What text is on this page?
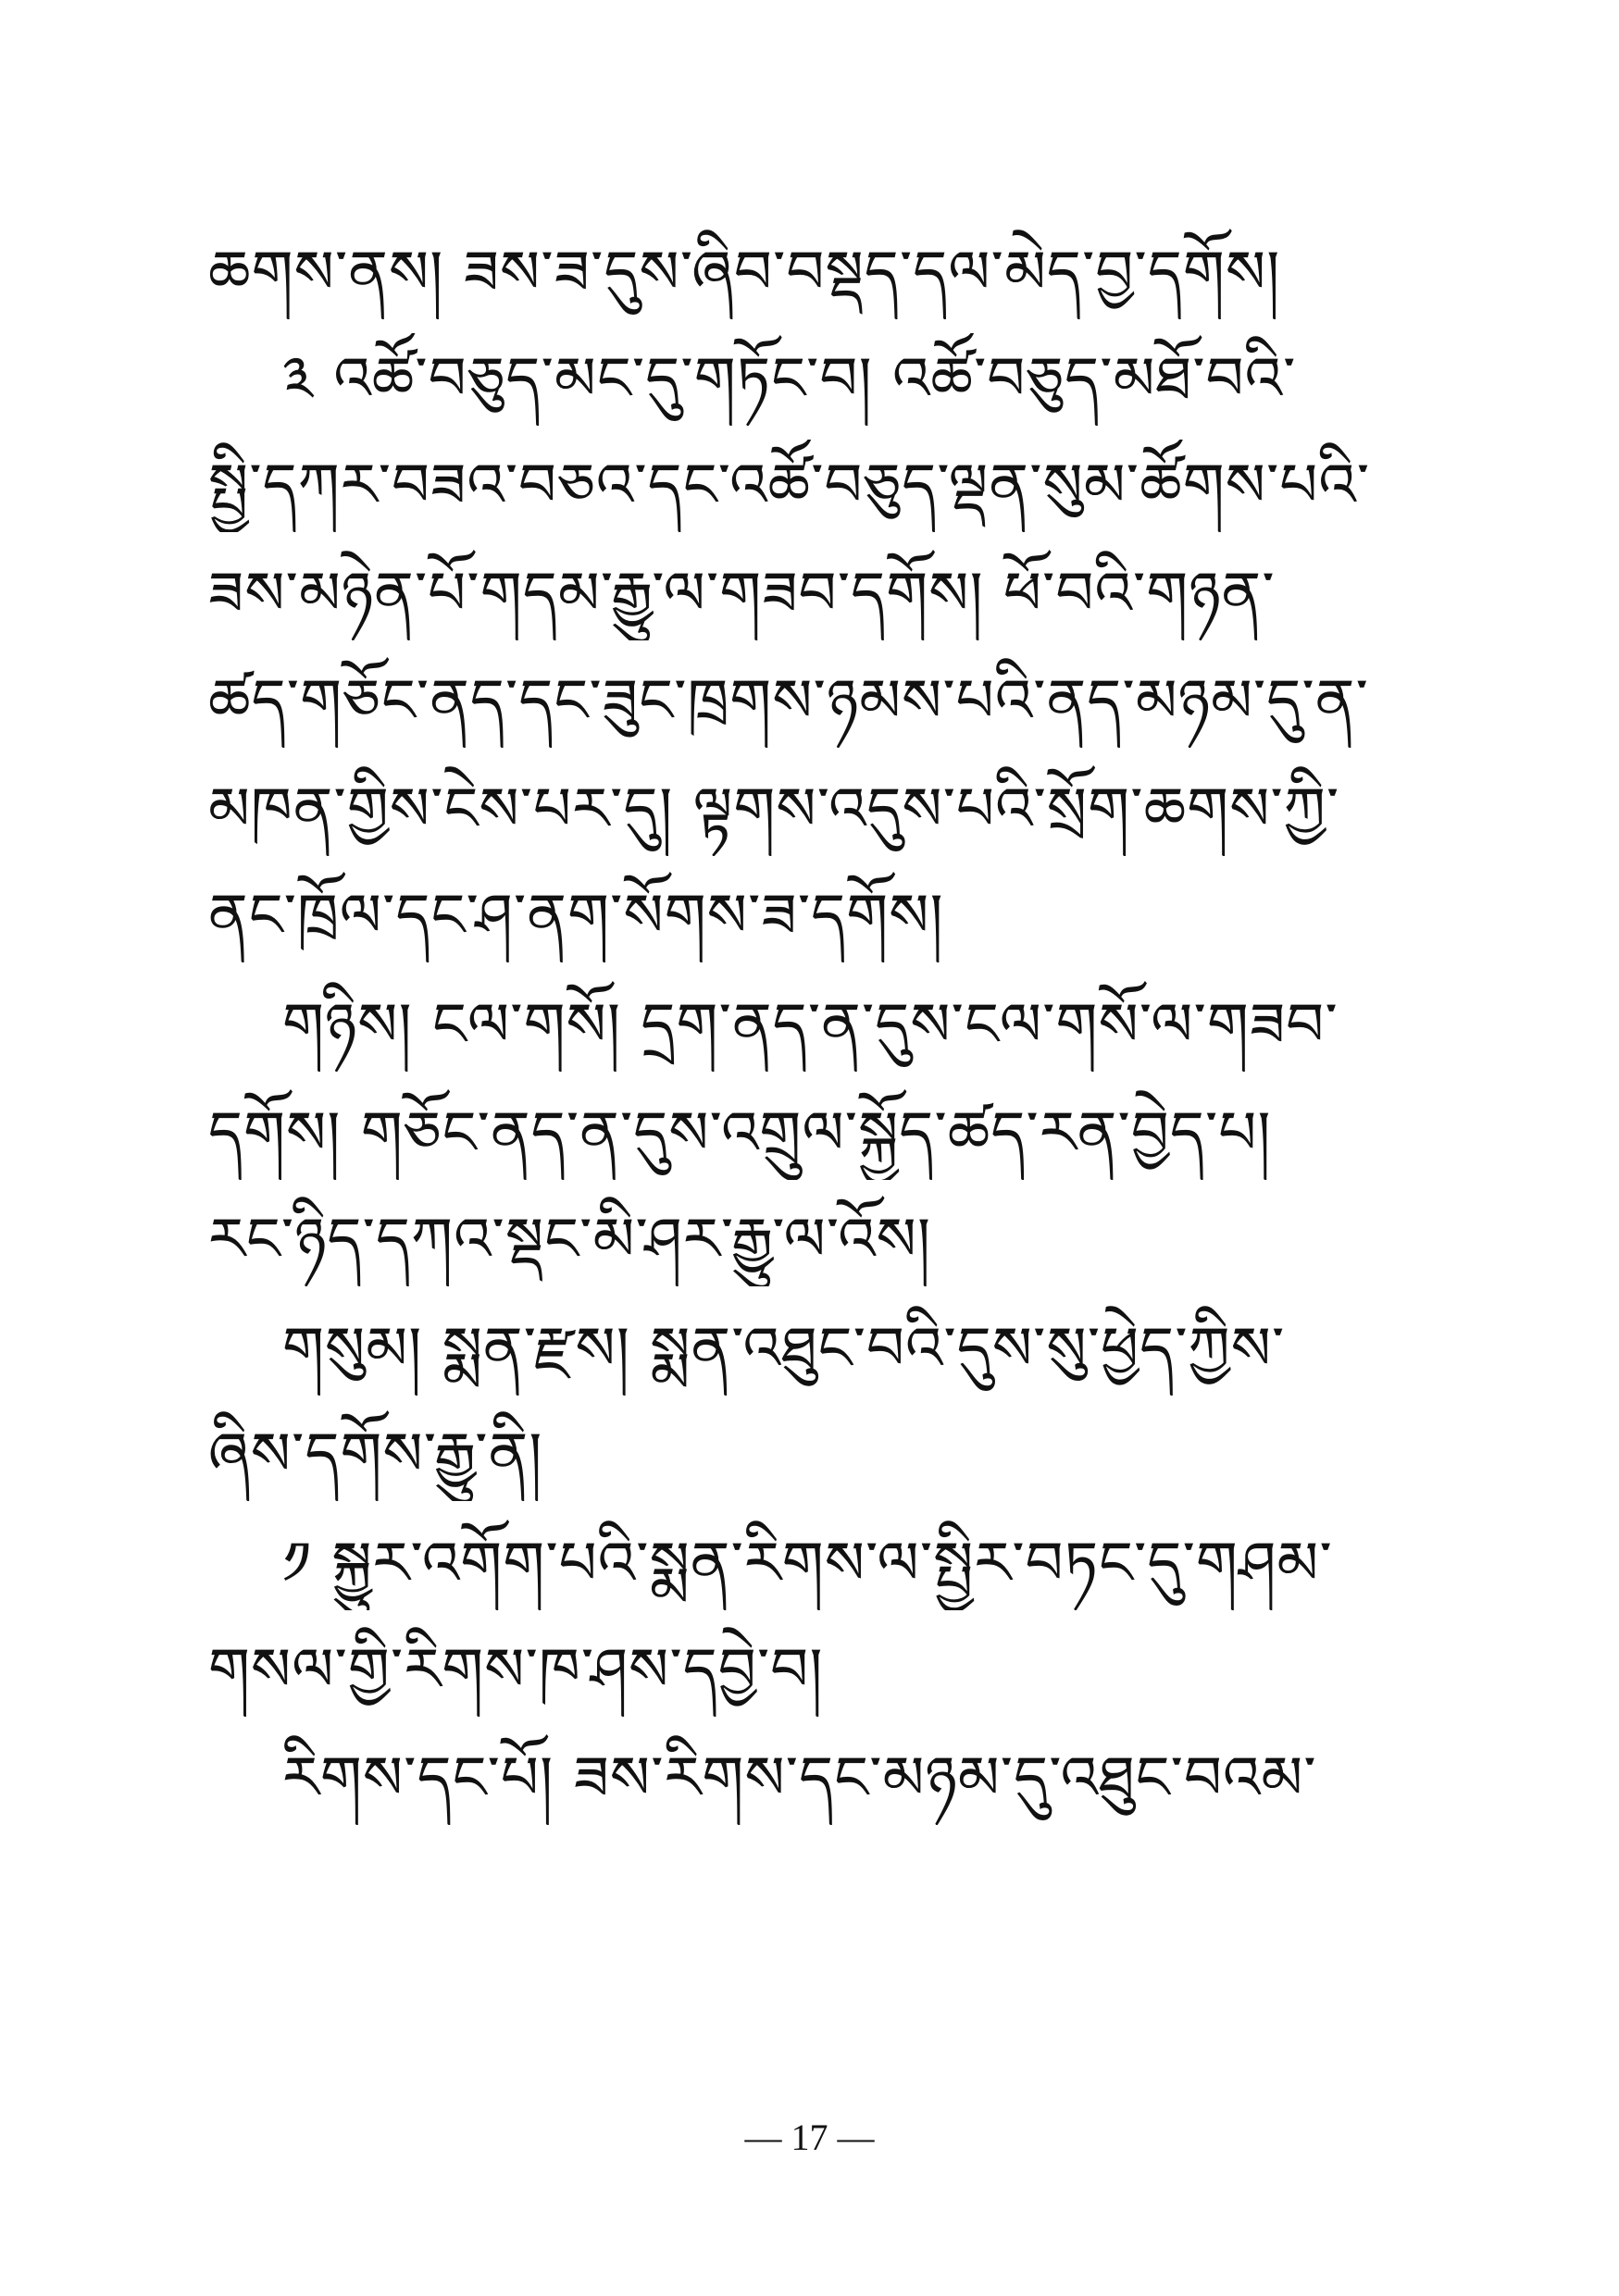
ཆགས་ནས། ཟས་ཟ་དུས་ཞིབ་བསྡད་དལ་མེད་བྱ་དགོས།
༣ འཚོ་བཅུད་མང་དུ་གཏོང་བ། འཚོ་བཅུད་མཐོ་བའི་
སྤྱི་དཀར་བཟའ་བཅའ་དང་འཚོ་བཅུད་ལྡན་སུམ་ཚོགས་པའི་
ཟས་མཉེན་པོ་གདམ་རྒྱུ་ལ་གཟབ་དགོས། ཕོ་བའི་གཉན་
ཚད་གཅོང་ནད་དང་ཟུང་ཁྲགས་ཉམས་པའི་ནད་མཉམ་དུ་ན་
མཁན་གྱིས་ངེས་པར་དུ། ལྟགས་འདུས་པའི་སྲོག་ཆགས་ཀྱི་
ནང་ཁྲོལ་དང་ཤ་ནག་སོགས་ཟ་དགོས།
གཉིས། ངལ་གསོ། དྲག་ནད་ན་དུས་ངལ་གསོ་ལ་གཟབ་
དགོས། གཅོང་ནད་ན་དུས་འགྲུལ་སྐྱོད་ཚད་རན་བྱེད་པ།
རང་ཉིད་དཀའ་སྡང་མི་ཤར་རྒྱུ་ལ་འོས།
གསུམ། སྨན་རྫས། སྨན་འཐུང་བའི་དུས་སུ་ཕྱེད་ཀྱིས་
ཞིས་དགོས་རྒྱུ་ནི།
༡ སྐྱུར་འགོག་པའི་སྨན་རིགས་ལ་སྤྱིར་བཏང་དུ་གཤམ་
གསལ་གྱི་རིགས་ཁ་ཤས་དབྱེ་བ།
རིགས་དང་པོ། ཟས་རིགས་དང་མཉམ་དུ་འཐུང་བའམ་
— 17 —
